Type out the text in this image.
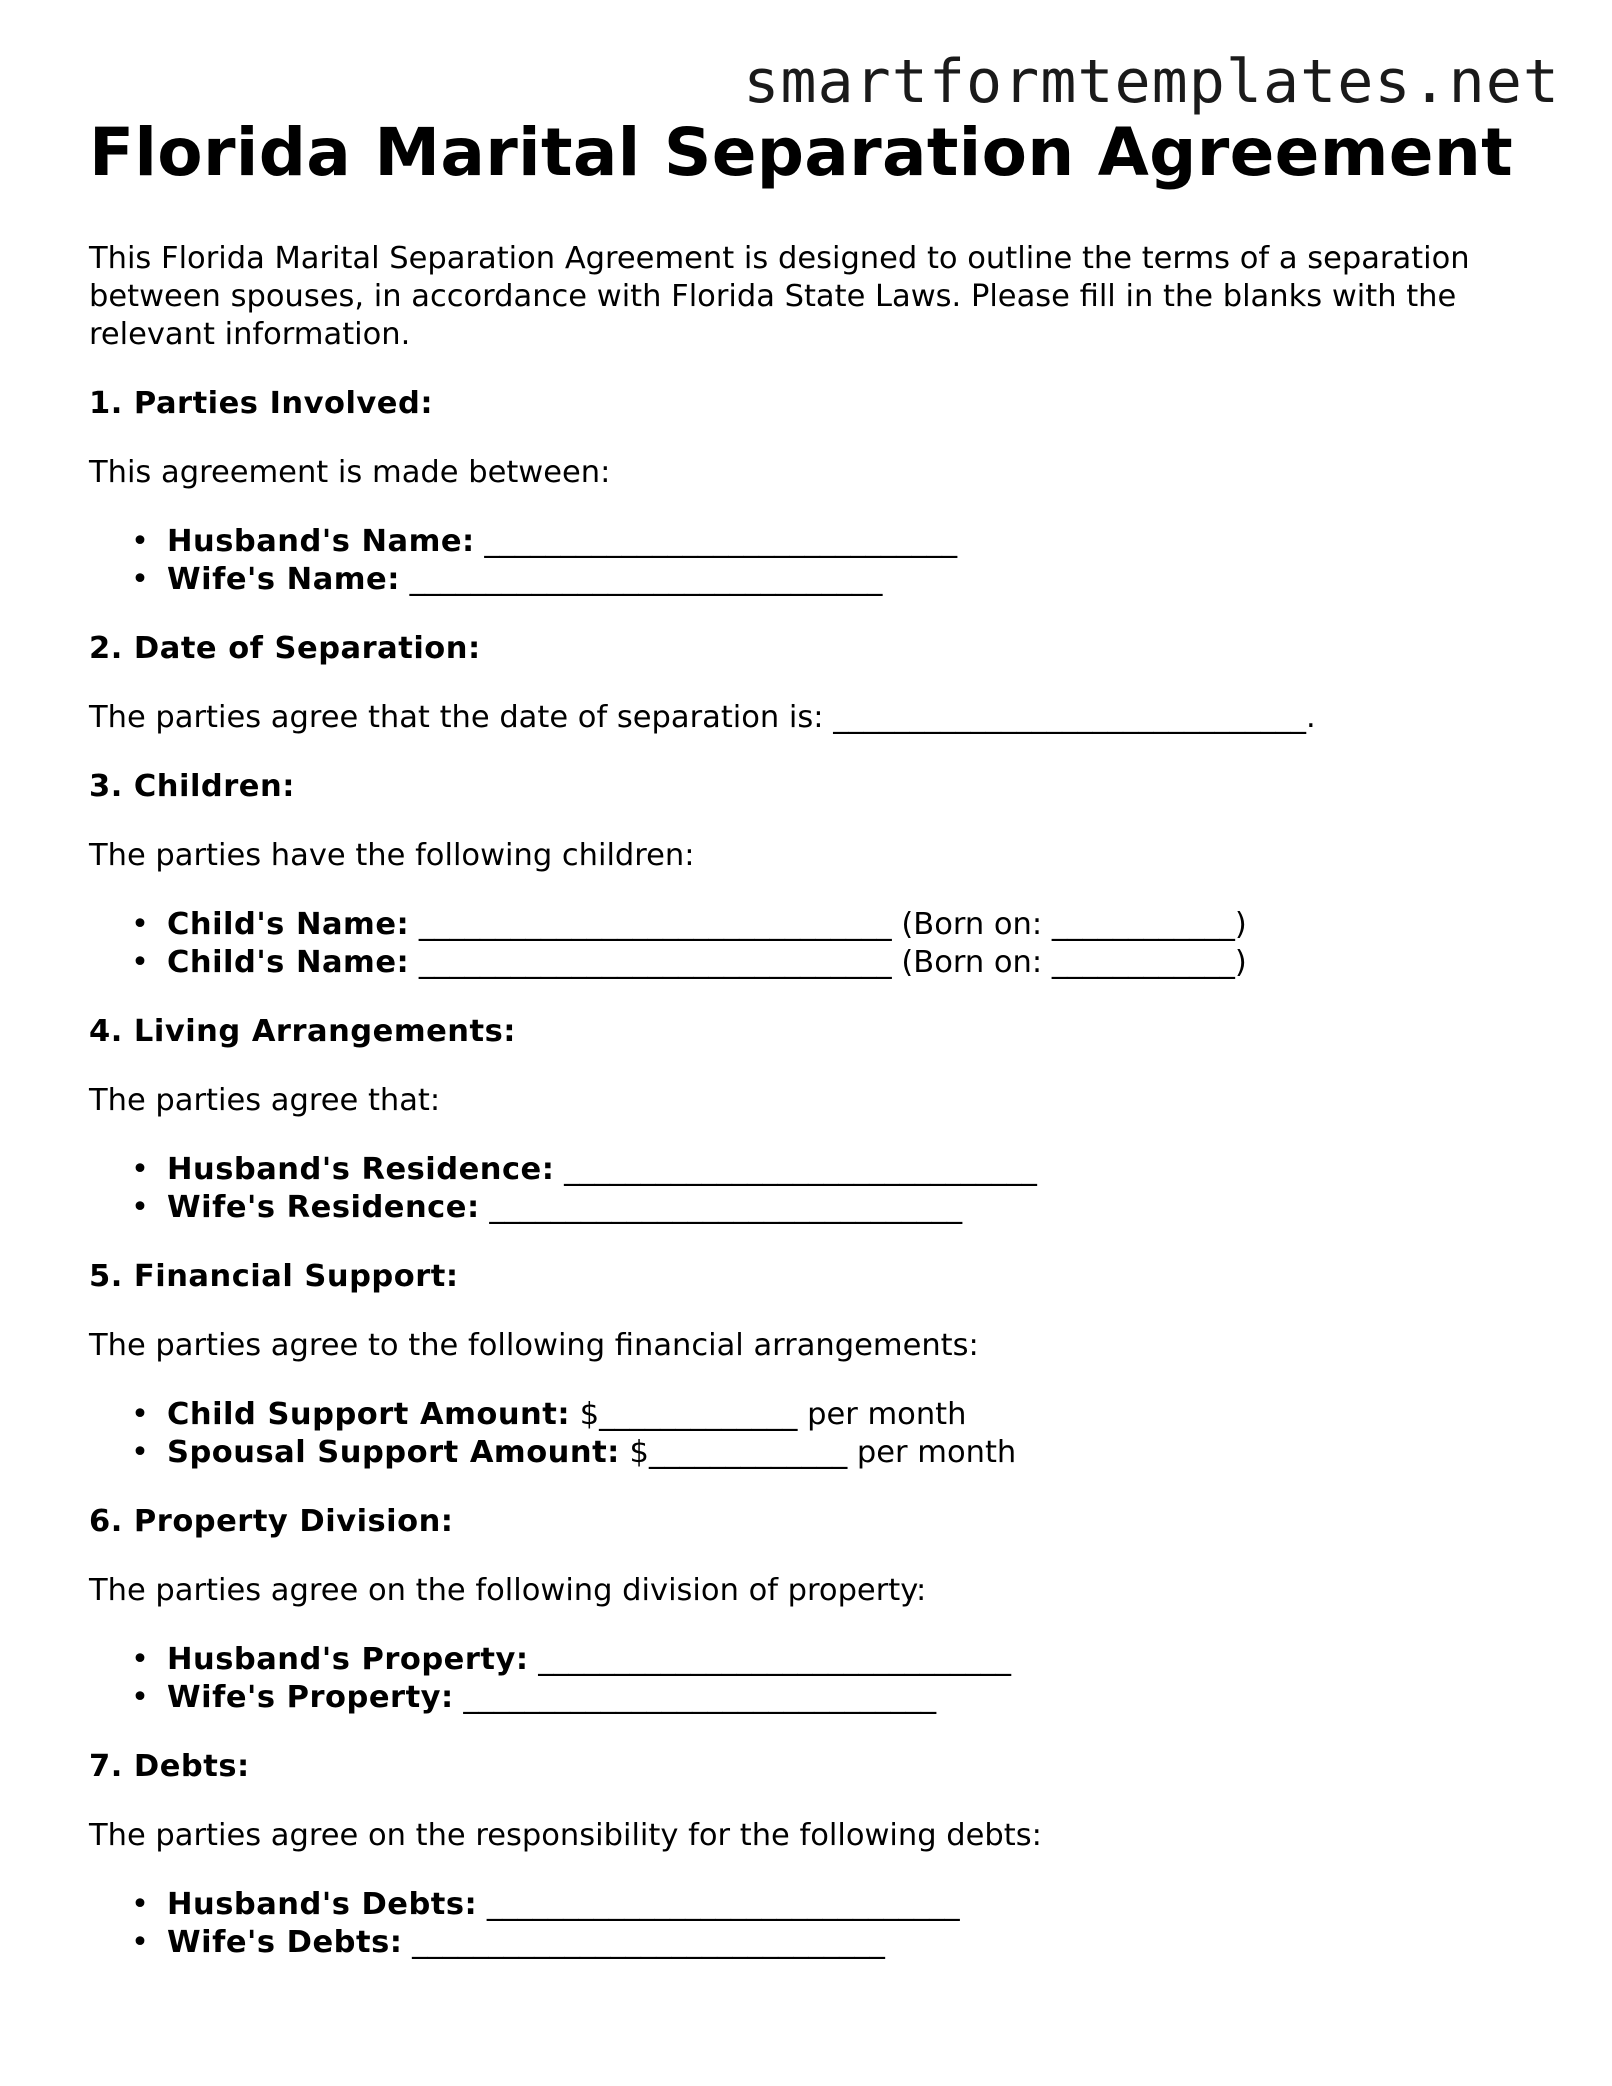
smartformtemplates.net
Florida Marital Separation Agreement

This Florida Marital Separation Agreement is designed to outline the terms of a separation between spouses, in accordance with Florida State Laws. Please fill in the blanks with the relevant information.

1. Parties Involved:

This agreement is made between:

• Husband's Name: _______________________________
• Wife's Name: _______________________________
2. Date of Separation:

The parties agree that the date of separation is: _______________________________.

3. Children:

The parties have the following children:

• Child's Name: _______________________________ (Born on: ____________)
• Child's Name: _______________________________ (Born on: ____________)
4. Living Arrangements:

The parties agree that:

• Husband's Residence: _______________________________
• Wife's Residence: _______________________________
5. Financial Support:

The parties agree to the following financial arrangements:

• Child Support Amount: $_____________ per month
• Spousal Support Amount: $_____________ per month
6. Property Division:

The parties agree on the following division of property:

• Husband's Property: _______________________________
• Wife's Property: _______________________________
7. Debts:

The parties agree on the responsibility for the following debts:

• Husband's Debts: _______________________________
• Wife's Debts: _______________________________
